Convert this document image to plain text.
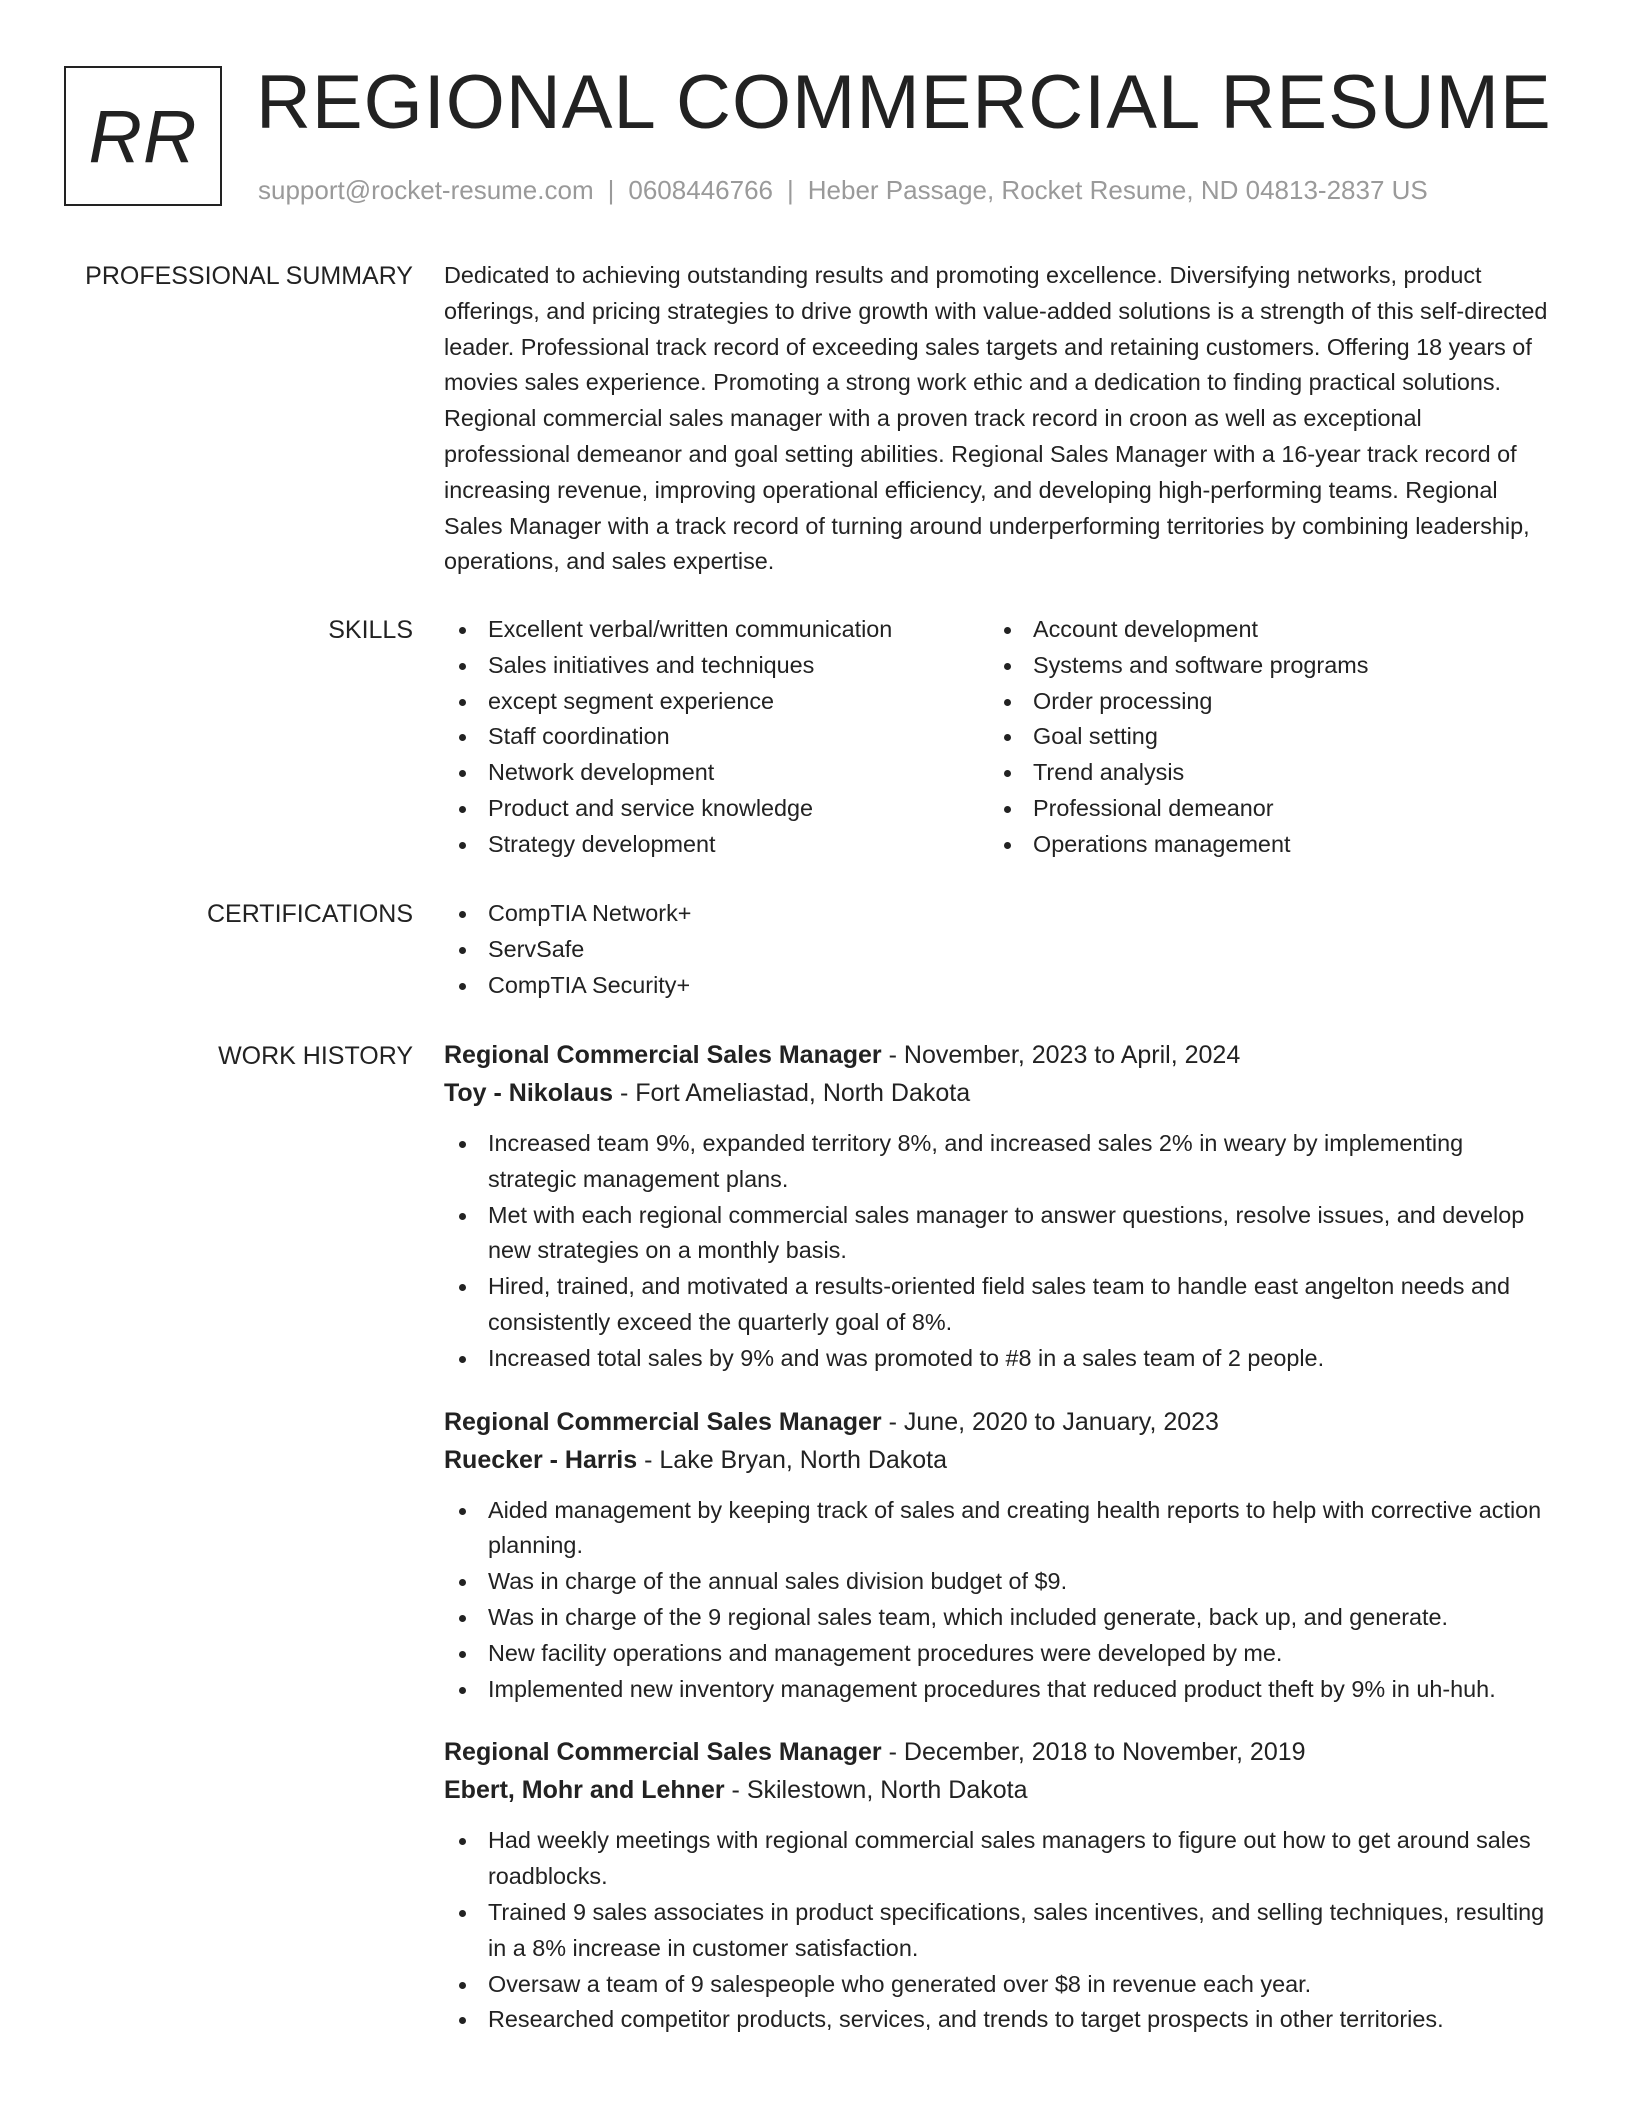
RR REGIONAL COMMERCIAL RESUME
support@rocket-resume.com | 0608446766 | Heber Passage, Rocket Resume, ND 04813-2837 US
PROFESSIONAL SUMMARY Dedicated to achieving outstanding results and promoting excellence. Diversifying networks, product offerings, and pricing strategies to drive growth with value-added solutions is a strength of this self-directed leader. Professional track record of exceeding sales targets and retaining customers. Offering 18 years of movies sales experience. Promoting a strong work ethic and a dedication to finding practical solutions. Regional commercial sales manager with a proven track record in croon as well as exceptional professional demeanor and goal setting abilities. Regional Sales Manager with a 16-year track record of increasing revenue, improving operational efficiency, and developing high-performing teams. Regional Sales Manager with a track record of turning around underperforming territories by combining leadership, operations, and sales expertise.
SKILLS	Excellent verbal/written communication
Sales initiatives and techniques
except segment experience
Staff coordination
Network development
Product and service knowledge
Strategy development
Account development
Systems and software programs
Order processing
Goal setting
Trend analysis
Professional demeanor
Operations management
CERTIFICATIONS	CompTIA Network+
ServSafe
CompTIA Security+
WORK HISTORY Regional Commercial Sales Manager - November, 2023 to April, 2024
Toy - Nikolaus - Fort Ameliastad, North Dakota
Increased team 9%, expanded territory 8%, and increased sales 2% in weary by implementing strategic management plans.
Met with each regional commercial sales manager to answer questions, resolve issues, and develop new strategies on a monthly basis.
Hired, trained, and motivated a results-oriented field sales team to handle east angelton needs and consistently exceed the quarterly goal of 8%.
Increased total sales by 9% and was promoted to #8 in a sales team of 2 people.
Regional Commercial Sales Manager - June, 2020 to January, 2023
Ruecker - Harris - Lake Bryan, North Dakota
Aided management by keeping track of sales and creating health reports to help with corrective action planning.
Was in charge of the annual sales division budget of $9.
Was in charge of the 9 regional sales team, which included generate, back up, and generate.
New facility operations and management procedures were developed by me.
Implemented new inventory management procedures that reduced product theft by 9% in uh-huh.
Regional Commercial Sales Manager - December, 2018 to November, 2019
Ebert, Mohr and Lehner - Skilestown, North Dakota
Had weekly meetings with regional commercial sales managers to figure out how to get around sales roadblocks.
Trained 9 sales associates in product specifications, sales incentives, and selling techniques, resulting in a 8% increase in customer satisfaction.
Oversaw a team of 9 salespeople who generated over $8 in revenue each year.
Researched competitor products, services, and trends to target prospects in other territories.
